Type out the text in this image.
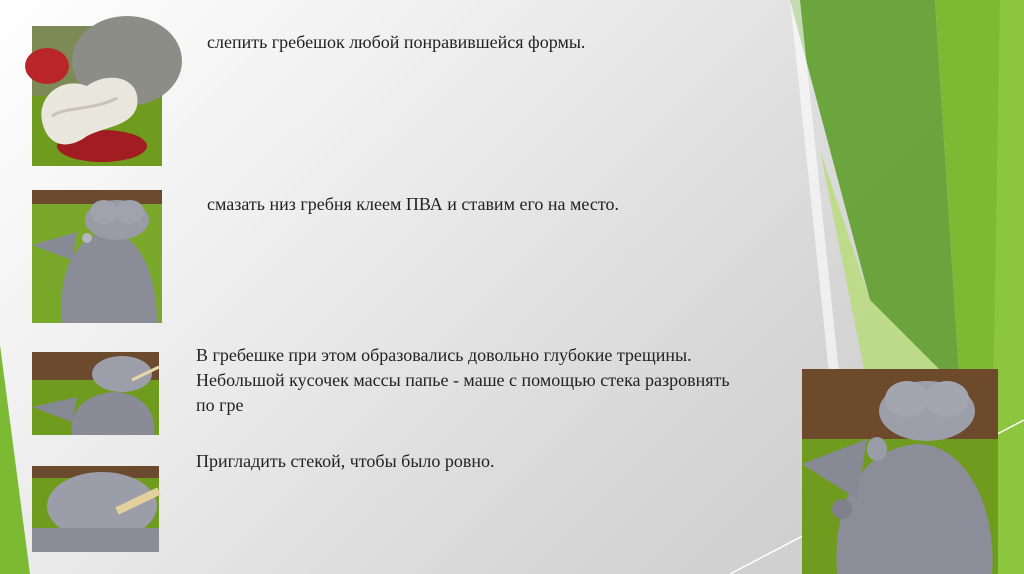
слепить гребешок любой понравившейся формы.
смазать низ гребня клеем ПВА и ставим его на место.
В гребешке при этом образовались довольно глубокие трещины. Небольшой кусочек массы папье - маше с помощью стека разровнять по гре
Пригладить стекой, чтобы было ровно.
